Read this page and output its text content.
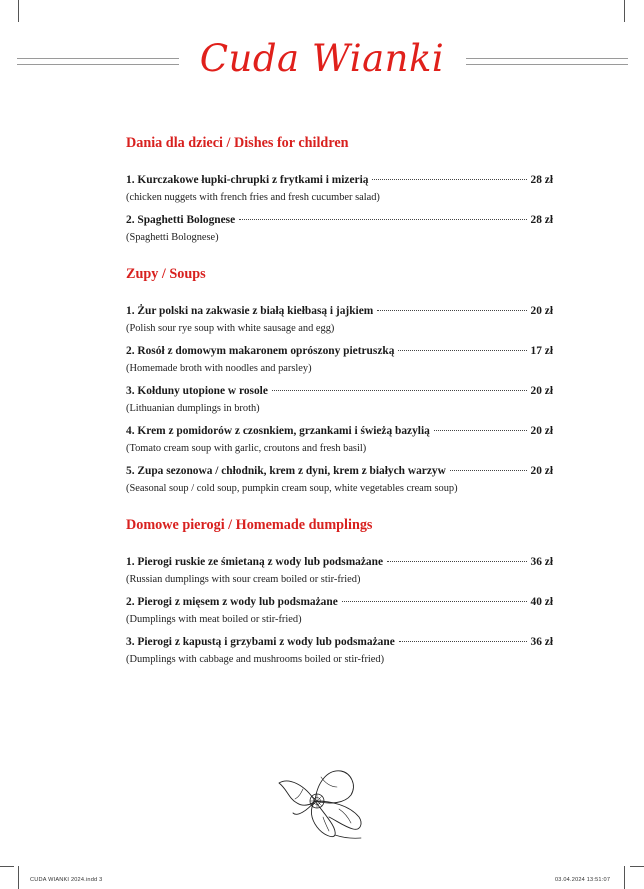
Cuda Wianki
Dania dla dzieci / Dishes for children
1. Kurczakowe łupki-chrupki z frytkami i mizerią	28 zł
(chicken nuggets with french fries and fresh cucumber salad)
2. Spaghetti Bolognese	28 zł
(Spaghetti Bolognese)
Zupy / Soups
1. Żur polski na zakwasie z białą kiełbasą i jajkiem	20 zł
(Polish sour rye soup with white sausage and egg)
2. Rosół z domowym makaronem oprószony pietruszką	17 zł
(Homemade broth with noodles and parsley)
3. Kołduny utopione w rosole	20 zł
(Lithuanian dumplings in broth)
4. Krem z pomidorów z czosnkiem, grzankami i świeżą bazylią	20 zł
(Tomato cream soup with garlic, croutons and fresh basil)
5. Zupa sezonowa / chłodnik, krem z dyni, krem z białych warzyw	20 zł
(Seasonal soup / cold soup, pumpkin cream soup, white vegetables cream soup)
Domowe pierogi / Homemade dumplings
1. Pierogi ruskie ze śmietaną z wody lub podsmażane	36 zł
(Russian dumplings with sour cream boiled or stir-fried)
2. Pierogi z mięsem z wody lub podsmażane	40 zł
(Dumplings with meat boiled or stir-fried)
3. Pierogi z kapustą i grzybami z wody lub podsmażane	36 zł
(Dumplings with cabbage and mushrooms boiled or stir-fried)
CUDA WIANKI 2024.indd 3	03.04.2024 13:51:07
